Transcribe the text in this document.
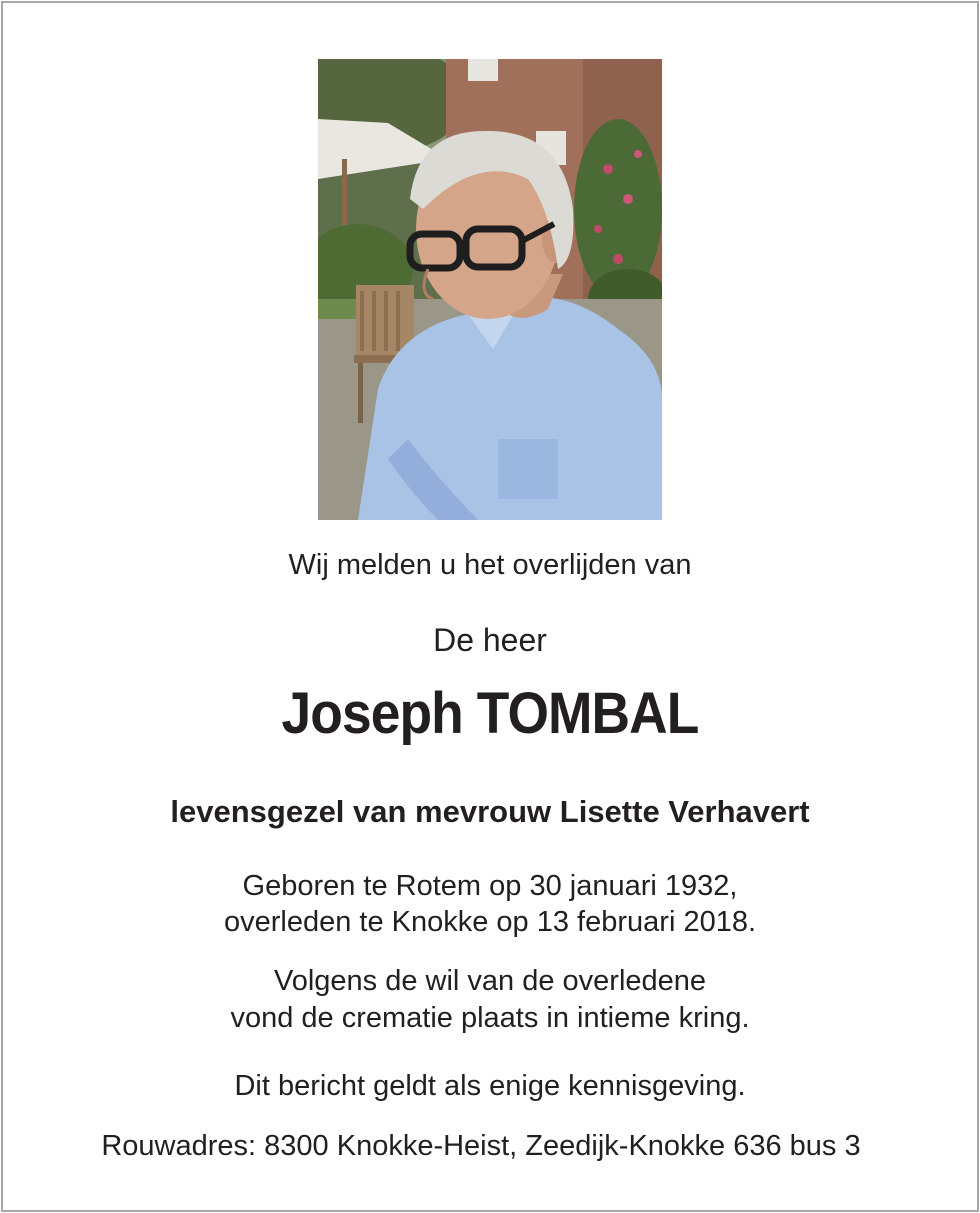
Wij melden u het overlijden van

De heer

Joseph TOMBAL

levensgezel van mevrouw Lisette Verhavert

Geboren te Rotem op 30 januari 1932,

overleden te Knokke op 13 februari 2018.

Volgens de wil van de overledene

vond de crematie plaats in intieme kring.

Dit bericht geldt als enige kennisgeving.

Rouwadres: 8300 Knokke-Heist, Zeedijk-Knokke 636 bus 3
